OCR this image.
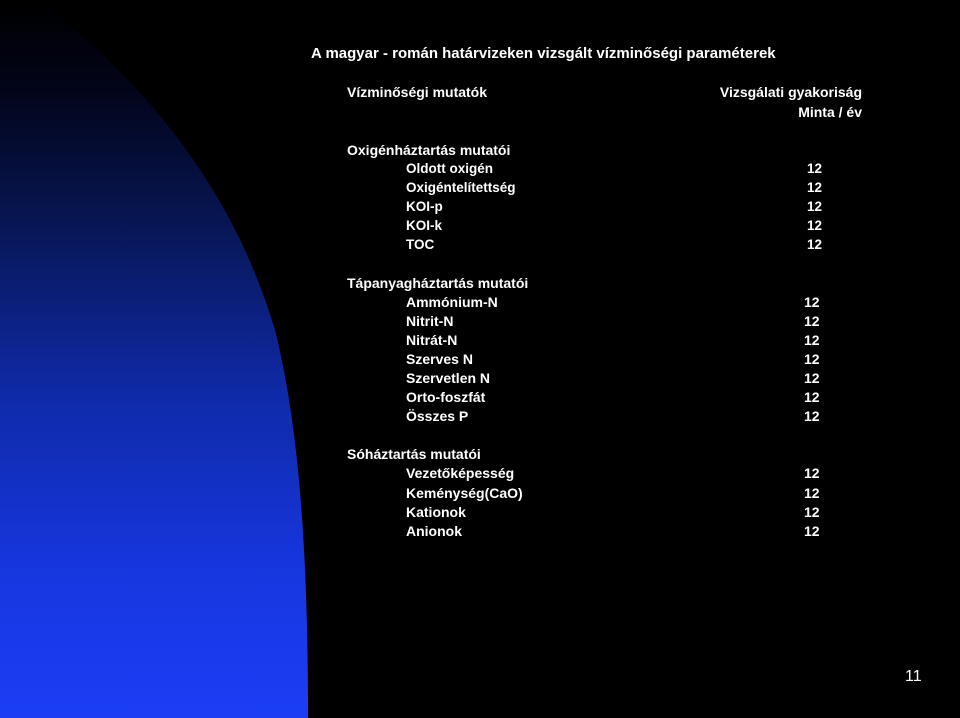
A magyar - román határvizeken vizsgált vízminőségi paraméterek
Vízminőségi mutatók	Vizsgálati gyakoriság
Minta / év
Oxigénháztartás mutatói
Oldott oxigén	12
Oxigéntelítettség	12
KOI-p	12
KOI-k	12
TOC	12
Tápanyagháztartás mutatói
Ammónium-N	12
Nitrit-N	12
Nitrát-N	12
Szerves N	12
Szervetlen N	12
Orto-foszfát	12
Összes P	12
Sóháztartás mutatói
Vezetőképesség	12
Keménység(CaO)	12
Kationok	12
Anionok	12
11
